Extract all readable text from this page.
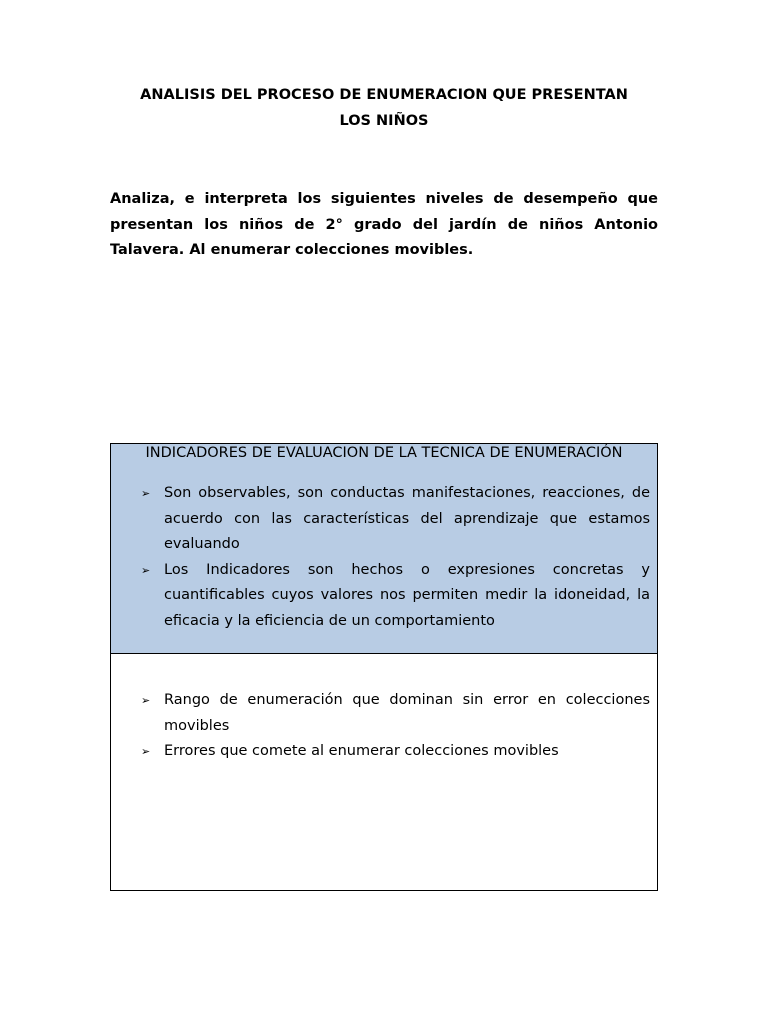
ANALISIS DEL PROCESO DE ENUMERACION QUE PRESENTAN
LOS NIÑOS
Analiza, e interpreta los siguientes niveles de desempeño que presentan los niños de 2° grado del jardín de niños Antonio Talavera. Al enumerar colecciones movibles.
INDICADORES DE EVALUACION DE LA TECNICA DE ENUMERACIÓN
➢ Son observables, son conductas manifestaciones, reacciones, de acuerdo con las características del aprendizaje que estamos evaluando
➢ Los Indicadores son hechos o expresiones concretas y cuantificables cuyos valores nos permiten medir la idoneidad, la eficacia y la eficiencia de un comportamiento
➢ Rango de enumeración que dominan sin error en colecciones movibles
➢ Errores que comete al enumerar colecciones movibles
